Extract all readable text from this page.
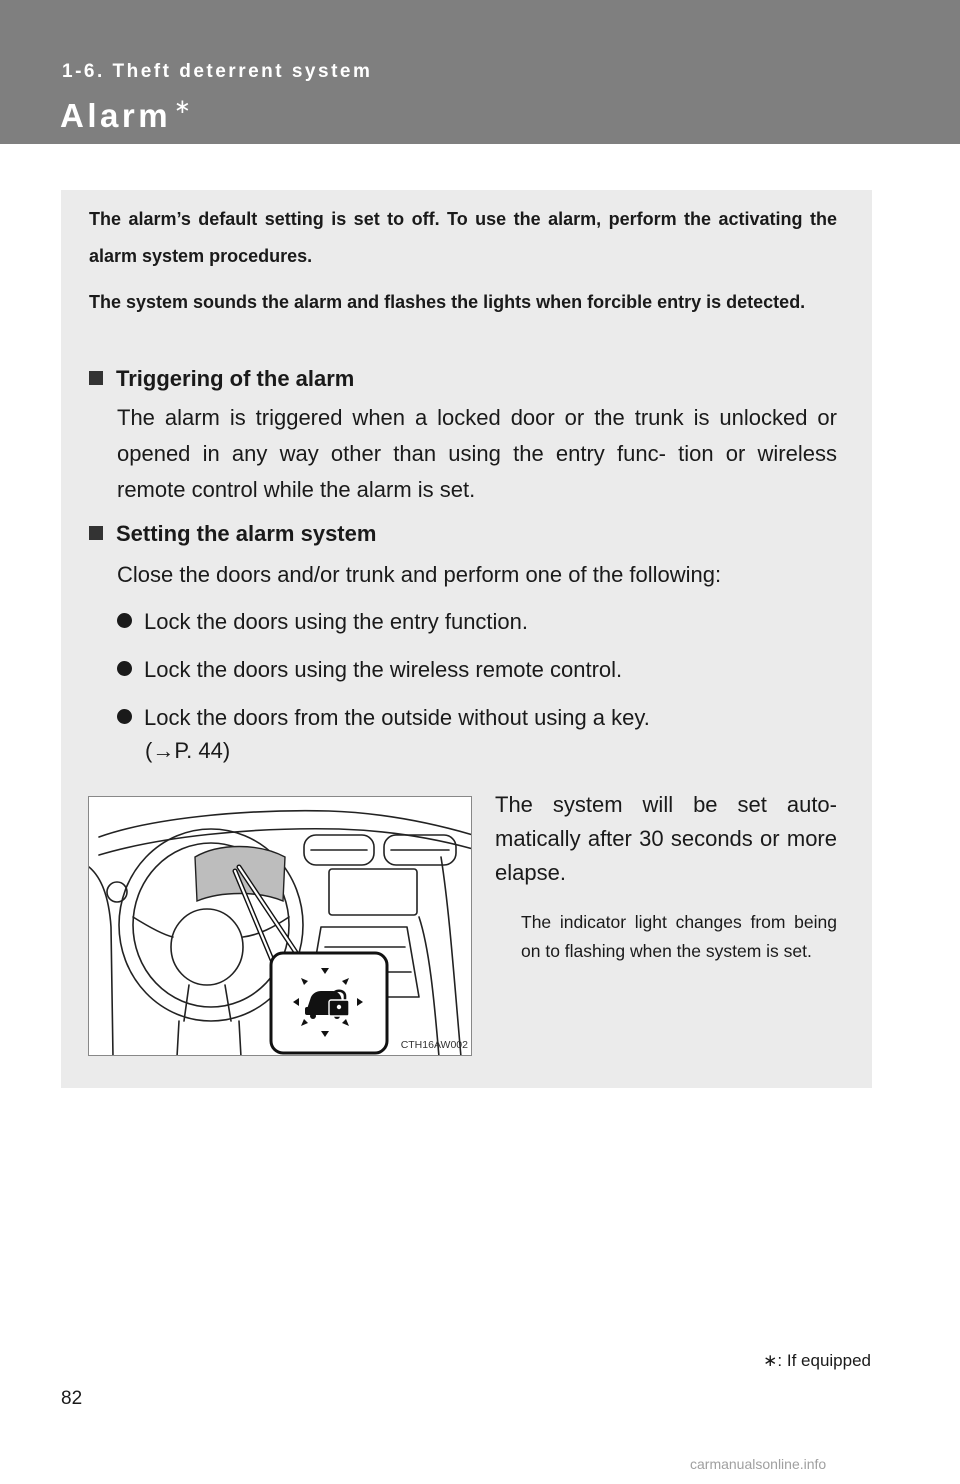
1-6. Theft deterrent system
Alarm ∗

The alarm’s default setting is set to off. To use the alarm, perform the activating the alarm system procedures.

The system sounds the alarm and flashes the lights when forcible entry is detected.

Triggering of the alarm

The alarm is triggered when a locked door or the trunk is unlocked or opened in any way other than using the entry func- tion or wireless remote control while the alarm is set.

Setting the alarm system

Close the doors and/or trunk and perform one of the following:

Lock the doors using the entry function.

Lock the doors using the wireless remote control.

Lock the doors from the outside without using a key.

(→P. 44)

CTH16AW002

The system will be set auto- matically after 30 seconds or more elapse.

The indicator light changes from being on to flashing when the system is set.

∗: If equipped
82
carmanualsonline.info
